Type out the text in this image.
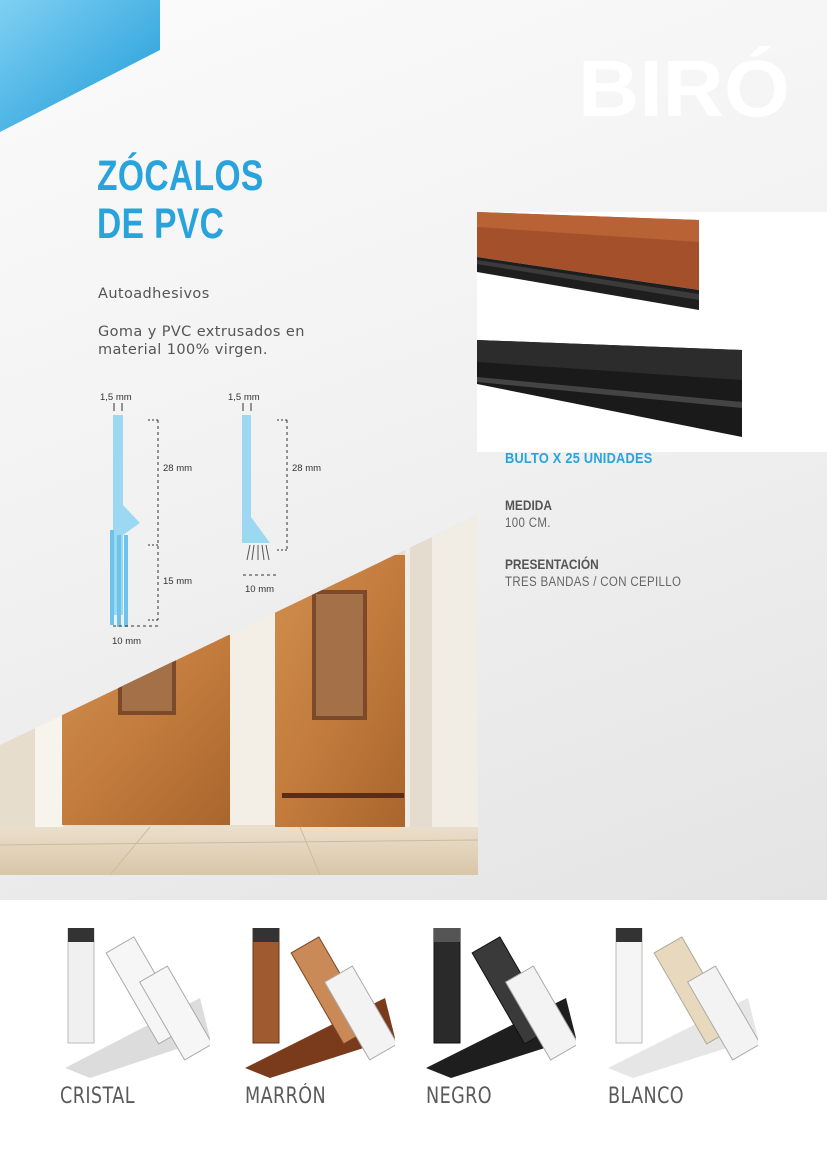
BIRÓ
ZÓCALOS
DE PVC

Autoadhesivos

Goma y PVC extrusados en material 100% virgen.

1,5 mm
28 mm
15 mm
10 mm
1,5 mm
28 mm
10 mm

BULTO X 25 UNIDADES

MEDIDA

100 CM.

PRESENTACIÓN

TRES BANDAS / CON CEPILLO

CRISTAL	MARRÓN	NEGRO	BLANCO
